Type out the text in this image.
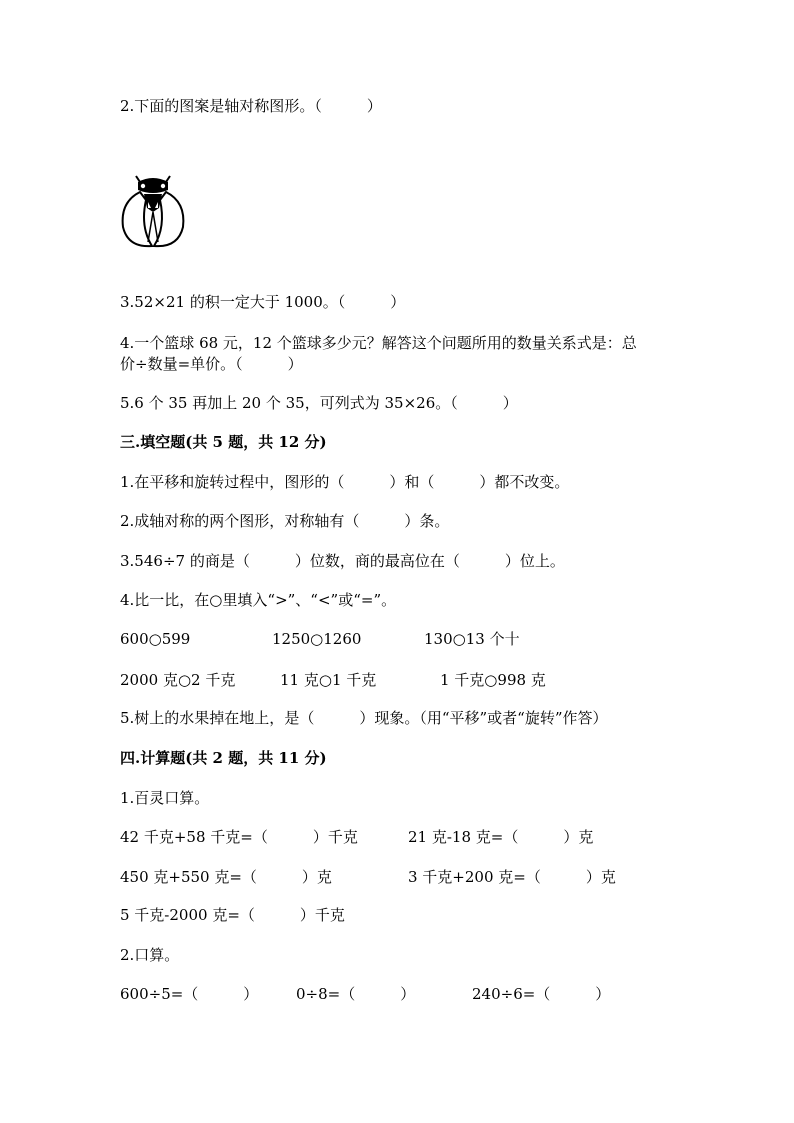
2.下面的图案是轴对称图形。（　　　）
3.52×21 的积一定大于 1000。（　　　）
4.一个篮球 68 元，12 个篮球多少元？解答这个问题所用的数量关系式是：总
价÷数量=单价。（　　　）
5.6 个 35 再加上 20 个 35，可列式为 35×26。（　　　）
三.填空题(共 5 题，共 12 分)
1.在平移和旋转过程中，图形的（　　　）和（　　　）都不改变。
2.成轴对称的两个图形，对称轴有（　　　）条。
3.546÷7 的商是（　　　）位数，商的最高位在（　　　）位上。
4.比一比，在○里填入“>”、“<”或“=”。
600○599	1250○1260	130○13 个十
2000 克○2 千克	11 克○1 千克	1 千克○998 克
5.树上的水果掉在地上，是（　　　）现象。（用“平移”或者“旋转”作答）
四.计算题(共 2 题，共 11 分)
1.百灵口算。
42 千克+58 千克=（　　　）千克	21 克-18 克=（　　　）克
450 克+550 克=（　　　）克	3 千克+200 克=（　　　）克
5 千克-2000 克=（　　　）千克
2.口算。
600÷5=（　　　）	0÷8=（　　　）	240÷6=（　　　）
